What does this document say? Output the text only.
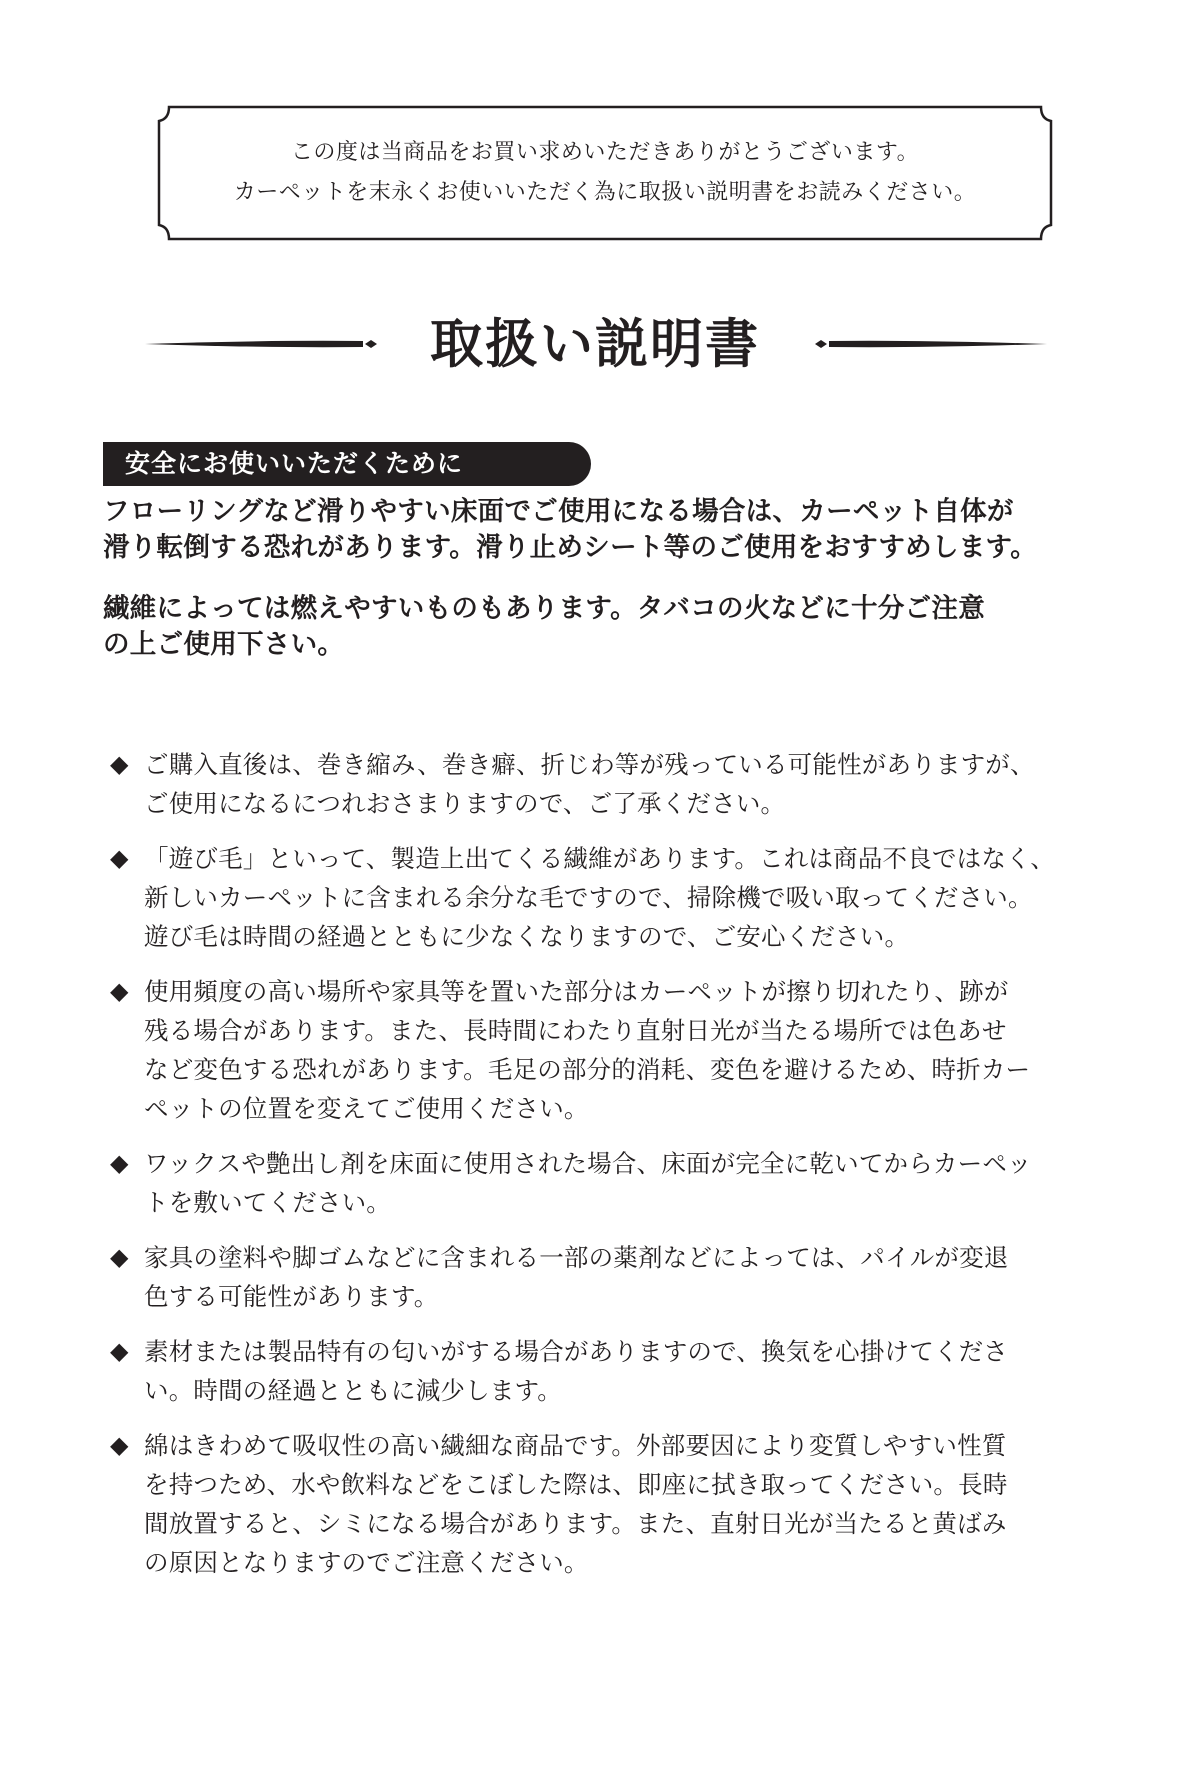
この度は当商品をお買い求めいただきありがとうございます。
カーペットを末永くお使いいただく為に取扱い説明書をお読みください。
取扱い説明書
安全にお使いいただくために
フローリングなど滑りやすい床面でご使用になる場合は、カーペット自体が
滑り転倒する恐れがあります。滑り止めシート等のご使用をおすすめします。
繊維によっては燃えやすいものもあります。タバコの火などに十分ご注意
の上ご使用下さい。
◆ ご購入直後は、巻き縮み、巻き癖、折じわ等が残っている可能性がありますが、
ご使用になるにつれおさまりますので、ご了承ください。
◆ 「遊び毛」といって、製造上出てくる繊維があります。これは商品不良ではなく、
新しいカーペットに含まれる余分な毛ですので、掃除機で吸い取ってください。
遊び毛は時間の経過とともに少なくなりますので、ご安心ください。
◆ 使用頻度の高い場所や家具等を置いた部分はカーペットが擦り切れたり、跡が
残る場合があります。また、長時間にわたり直射日光が当たる場所では色あせ
など変色する恐れがあります。毛足の部分的消耗、変色を避けるため、時折カー
ペットの位置を変えてご使用ください。
◆ ワックスや艶出し剤を床面に使用された場合、床面が完全に乾いてからカーペッ
トを敷いてください。
◆ 家具の塗料や脚ゴムなどに含まれる一部の薬剤などによっては、パイルが変退
色する可能性があります。
◆ 素材または製品特有の匂いがする場合がありますので、換気を心掛けてくださ
い。時間の経過とともに減少します。
◆ 綿はきわめて吸収性の高い繊細な商品です。外部要因により変質しやすい性質
を持つため、水や飲料などをこぼした際は、即座に拭き取ってください。長時
間放置すると、シミになる場合があります。また、直射日光が当たると黄ばみ
の原因となりますのでご注意ください。
